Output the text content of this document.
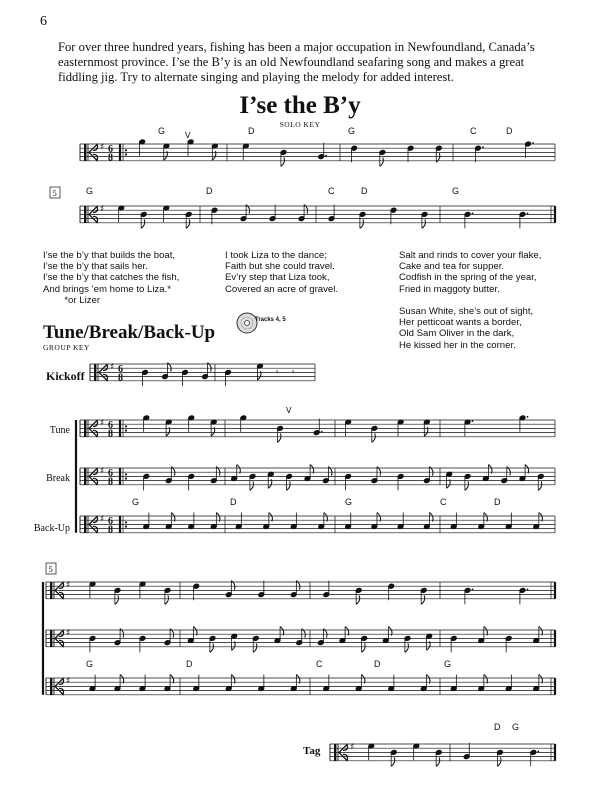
6
For over three hundred years, fishing has been a major occupation in Newfoundland, Canada’s easternmost province. I’se the B’y is an old Newfoundland seafaring song and makes a great fiddling jig. Try to alternate singing and playing the melody for added interest.
I’se the B’y
SOLO KEY
I’se the b’y that builds the boat,
I’se the b’y that sails her.
I’se the b’y that catches the fish,
And brings ’em home to Liza.*
*or Lizer
I took Liza to the dance;
Faith but she could travel.
Ev’ry step that Liza took,
Covered an acre of gravel.
Salt and rinds to cover your flake,
Cake and tea for supper.
Codfish in the spring of the year,
Fried in maggoty butter.

Susan White, she’s out of sight,
Her petticoat wants a border,
Old Sam Oliver in the dark,
He kissed her in the corner.
Tune/Break/Back-Up
GROUP KEY
Tracks 4, 5
Kickoff
Tune
Break
Back-Up
Tag
♯ 6
8
G	D	G	C	D
V
♯
5	G	D	C	D	G
♯ 6
8	𝄾 𝄾
♯ 6
8
♯ 6
8
♯ 6
8
V
G	D	G	C	D
5
♯
♯
♯
G	D	C	D	G
♯
D G
